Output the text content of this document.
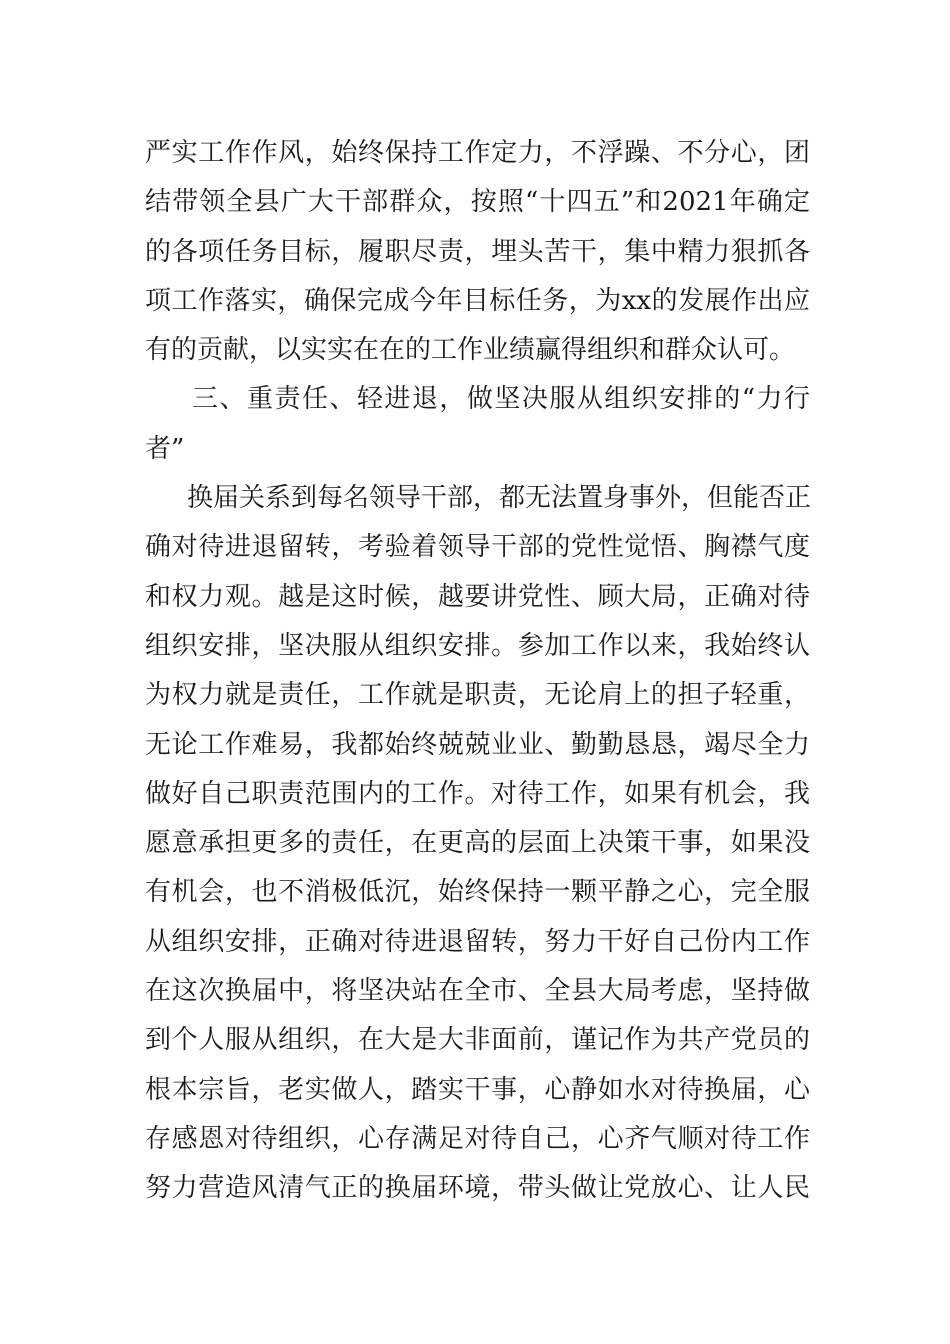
严实工作作风，始终保持工作定力，不浮躁、不分心，团
结带领全县广大干部群众，按照“十四五”和2021年确定
的各项任务目标，履职尽责，埋头苦干，集中精力狠抓各
项工作落实，确保完成今年目标任务，为xx的发展作出应
有的贡献，以实实在在的工作业绩赢得组织和群众认可。
三、重责任、轻进退，做坚决服从组织安排的“力行
者”
换届关系到每名领导干部，都无法置身事外，但能否正
确对待进退留转，考验着领导干部的党性觉悟、胸襟气度
和权力观。越是这时候，越要讲党性、顾大局，正确对待
组织安排，坚决服从组织安排。参加工作以来，我始终认
为权力就是责任，工作就是职责，无论肩上的担子轻重，
无论工作难易，我都始终兢兢业业、勤勤恳恳，竭尽全力
做好自己职责范围内的工作。对待工作，如果有机会，我
愿意承担更多的责任，在更高的层面上决策干事，如果没
有机会，也不消极低沉，始终保持一颗平静之心，完全服
从组织安排，正确对待进退留转，努力干好自己份内工作
在这次换届中，将坚决站在全市、全县大局考虑，坚持做
到个人服从组织，在大是大非面前，谨记作为共产党员的
根本宗旨，老实做人，踏实干事，心静如水对待换届，心
存感恩对待组织，心存满足对待自己，心齐气顺对待工作
努力营造风清气正的换届环境，带头做让党放心、让人民
